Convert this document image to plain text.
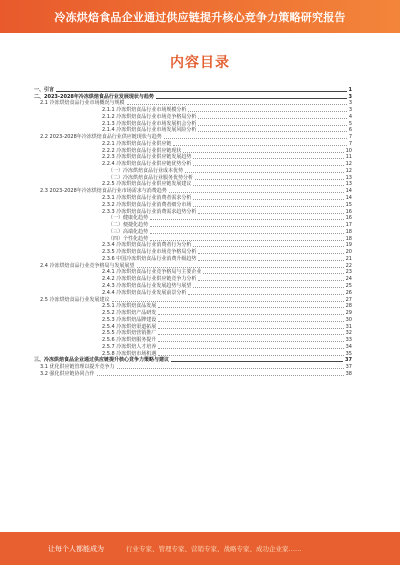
冷冻烘焙食品企业通过供应链提升核心竞争力策略研究报告
内容目录
一、引言	1
二、2023-2028年冷冻烘焙食品行业发展现状与趋势	3
2.1 冷冻烘焙食品行业市场概况与规模	3
2.1.1 冷冻烘焙食品行业市场规模分析	3
2.1.2 冷冻烘焙食品行业市场竞争格局分析	4
2.1.3 冷冻烘焙食品行业市场发展机会分析	5
2.1.4 冷冻烘焙食品行业市场发展风险分析	6
2.2 2023-2028年冷冻烘焙食品行业供应链现状与趋势	7
2.2.1 冷冻烘焙食品行业供应链	7
2.2.2 冷冻烘焙食品行业供应链现状	10
2.2.3 冷冻烘焙食品行业供应链发展趋势	11
2.2.4 冷冻烘焙食品行业供应链优势分析	12
（一）冷冻烘焙食品行业成本优势	12
（二）冷冻烘焙食品行业服务优势分析	13
2.2.5 冷冻烘焙食品行业供应链发展建议	13
2.3 2023-2028年冷冻烘焙食品行业市场需求与消费趋势	14
2.3.1 冷冻烘焙食品行业消费者需求分析	14
2.3.2 冷冻烘焙食品行业消费者细分市场	15
2.3.3 冷冻烘焙食品行业消费需求趋势分析	16
（一）健康化趋势	16
（二）便捷化趋势	17
（三）高端化趋势	18
（四）个性化趋势	18
2.3.4 冷冻烘焙食品行业消费者行为分析	19
2.3.5 冷冻烘焙食品行业市场竞争格局分析	20
2.3.6 中国冷冻烘焙食品行业消费升级趋势	21
2.4 冷冻烘焙食品行业竞争格局与发展展望	22
2.4.1 冷冻烘焙食品行业竞争格局与主要企业	23
2.4.2 冷冻烘焙食品行业供应链竞争力分析	24
2.4.3 冷冻烘焙食品行业发展趋势与展望	25
2.4.4 冷冻烘焙食品行业发展前景分析	26
2.5 冷冻烘焙食品行业发展建议	27
2.5.1 冷冻烘焙食品发展	28
2.5.2 冷冻烘焙产品研发	29
2.5.3 冷冻烘焙品牌建设	30
2.5.4 冷冻烘焙渠道拓展	31
2.5.5 冷冻烘焙营销推广	32
2.5.6 冷冻烘焙服务提升	33
2.5.7 冷冻烘焙人才培养	34
2.5.8 冷冻烘焙市场机遇	35
三、冷冻烘焙食品企业通过供应链提升核心竞争力策略与建议	37
3.1 优化供应链管理以提升竞争力	37
3.2 强化供应链协同合作	38
让每个人都能成为	行业专家、管理专家、营销专家、战略专家、成功企业家……
